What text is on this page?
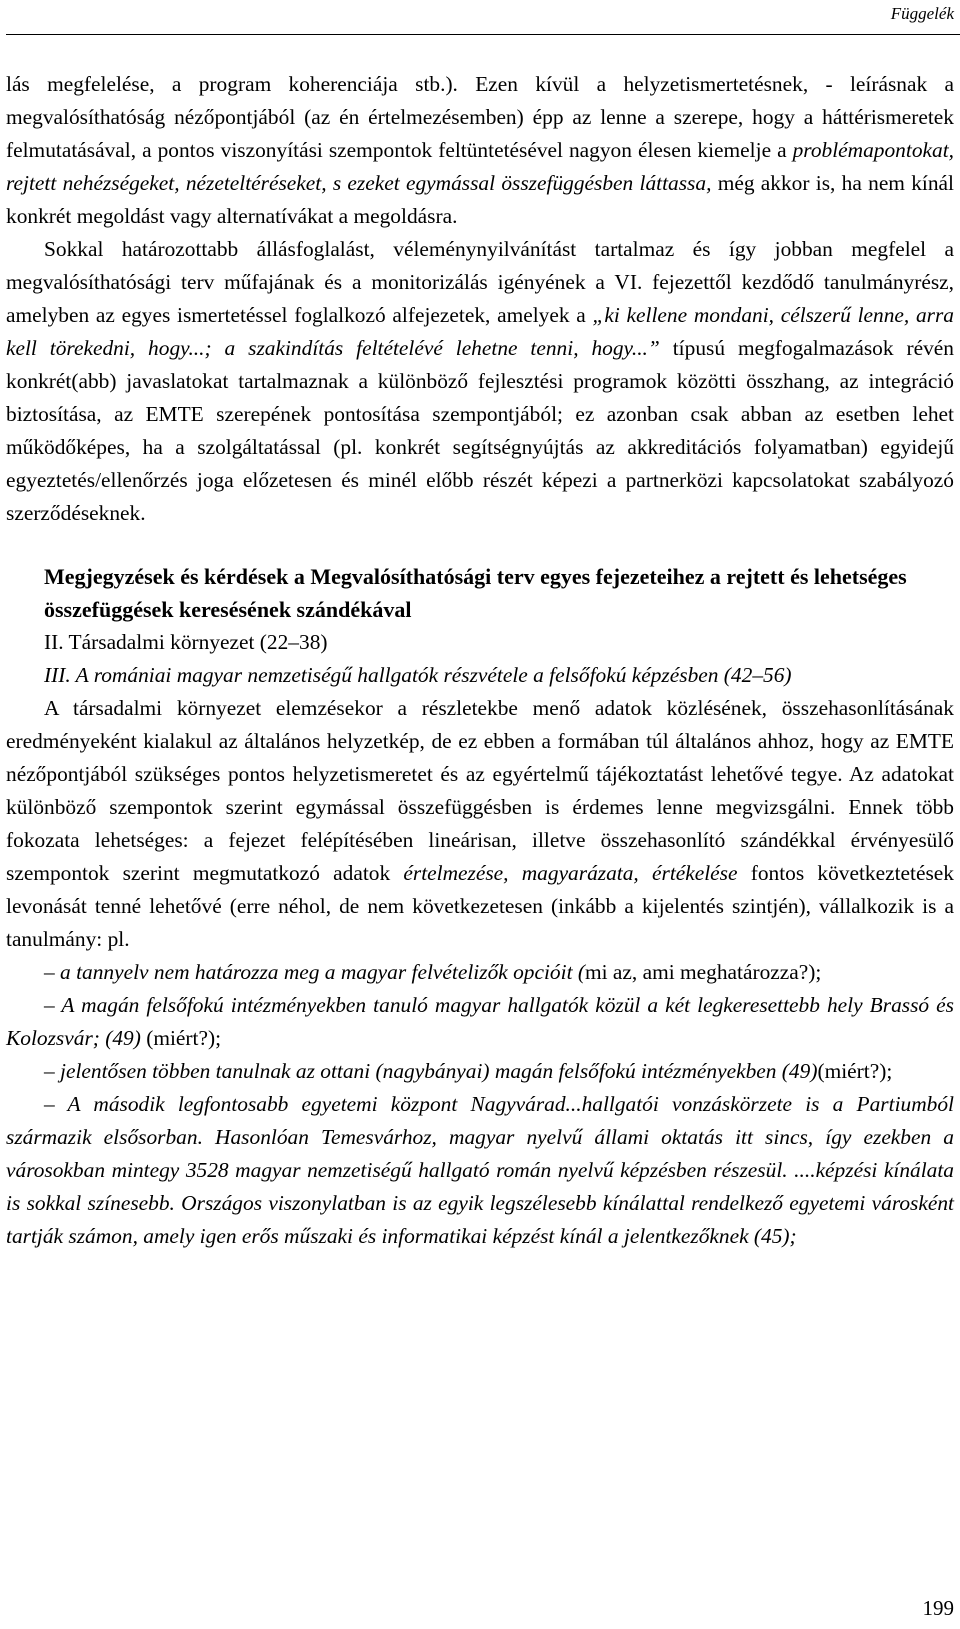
Függelék

lás megfelelése, a program koherenciája stb.). Ezen kívül a helyzetismertetésnek, - leírásnak a megvalósíthatóság nézőpontjából (az én értelmezésemben) épp az lenne a szerepe, hogy a háttérismeretek felmutatásával, a pontos viszonyítási szempontok feltüntetésével nagyon élesen kiemelje a problémapontokat, rejtett nehézségeket, nézeteltéréseket, s ezeket egymással összefüggésben láttassa, még akkor is, ha nem kínál konkrét megoldást vagy alternatívákat a megoldásra.

Sokkal határozottabb állásfoglalást, véleménynyilvánítást tartalmaz és így jobban megfelel a megvalósíthatósági terv műfajának és a monitorizálás igényének a VI. fejezettől kezdődő tanulmányrész, amelyben az egyes ismertetéssel foglalkozó alfejezetek, amelyek a „ki kellene mondani, célszerű lenne, arra kell törekedni, hogy...; a szakindítás feltételévé lehetne tenni, hogy...” típusú megfogalmazások révén konkrét(abb) javaslatokat tartalmaznak a különböző fejlesztési programok közötti összhang, az integráció biztosítása, az EMTE szerepének pontosítása szempontjából; ez azonban csak abban az esetben lehet működőképes, ha a szolgáltatással (pl. konkrét segítségnyújtás az akkreditációs folyamatban) egyidejű egyeztetés/ellenőrzés joga előzetesen és minél előbb részét képezi a partnerközi kapcsolatokat szabályozó szerződéseknek.

Megjegyzések és kérdések a Megvalósíthatósági terv egyes fejezeteihez a rejtett és lehetséges összefüggések keresésének szándékával

II. Társadalmi környezet (22–38)

III. A romániai magyar nemzetiségű hallgatók részvétele a felsőfokú képzésben (42–56)

A társadalmi környezet elemzésekor a részletekbe menő adatok közlésének, összehasonlításának eredményeként kialakul az általános helyzetkép, de ez ebben a formában túl általános ahhoz, hogy az EMTE nézőpontjából szükséges pontos helyzetismeretet és az egyértelmű tájékoztatást lehetővé tegye. Az adatokat különböző szempontok szerint egymással összefüggésben is érdemes lenne megvizsgálni. Ennek több fokozata lehetséges: a fejezet felépítésében lineárisan, illetve összehasonlító szándékkal érvényesülő szempontok szerint megmutatkozó adatok értelmezése, magyarázata, értékelése fontos következtetések levonását tenné lehetővé (erre néhol, de nem következetesen (inkább a kijelentés szintjén), vállalkozik is a tanulmány: pl.

– a tannyelv nem határozza meg a magyar felvételizők opcióit (mi az, ami meghatározza?);

– A magán felsőfokú intézményekben tanuló magyar hallgatók közül a két legkeresettebb hely Brassó és Kolozsvár; (49) (miért?);

– jelentősen többen tanulnak az ottani (nagybányai) magán felsőfokú intézményekben (49)(miért?);

– A második legfontosabb egyetemi központ Nagyvárad...hallgatói vonzáskörzete is a Partiumból származik elsősorban. Hasonlóan Temesvárhoz, magyar nyelvű állami oktatás itt sincs, így ezekben a városokban mintegy 3528 magyar nemzetiségű hallgató román nyelvű képzésben részesül. ....képzési kínálata is sokkal színesebb. Országos viszonylatban is az egyik legszélesebb kínálattal rendelkező egyetemi városként tartják számon, amely igen erős műszaki és informatikai képzést kínál a jelentkezőknek (45);

199
